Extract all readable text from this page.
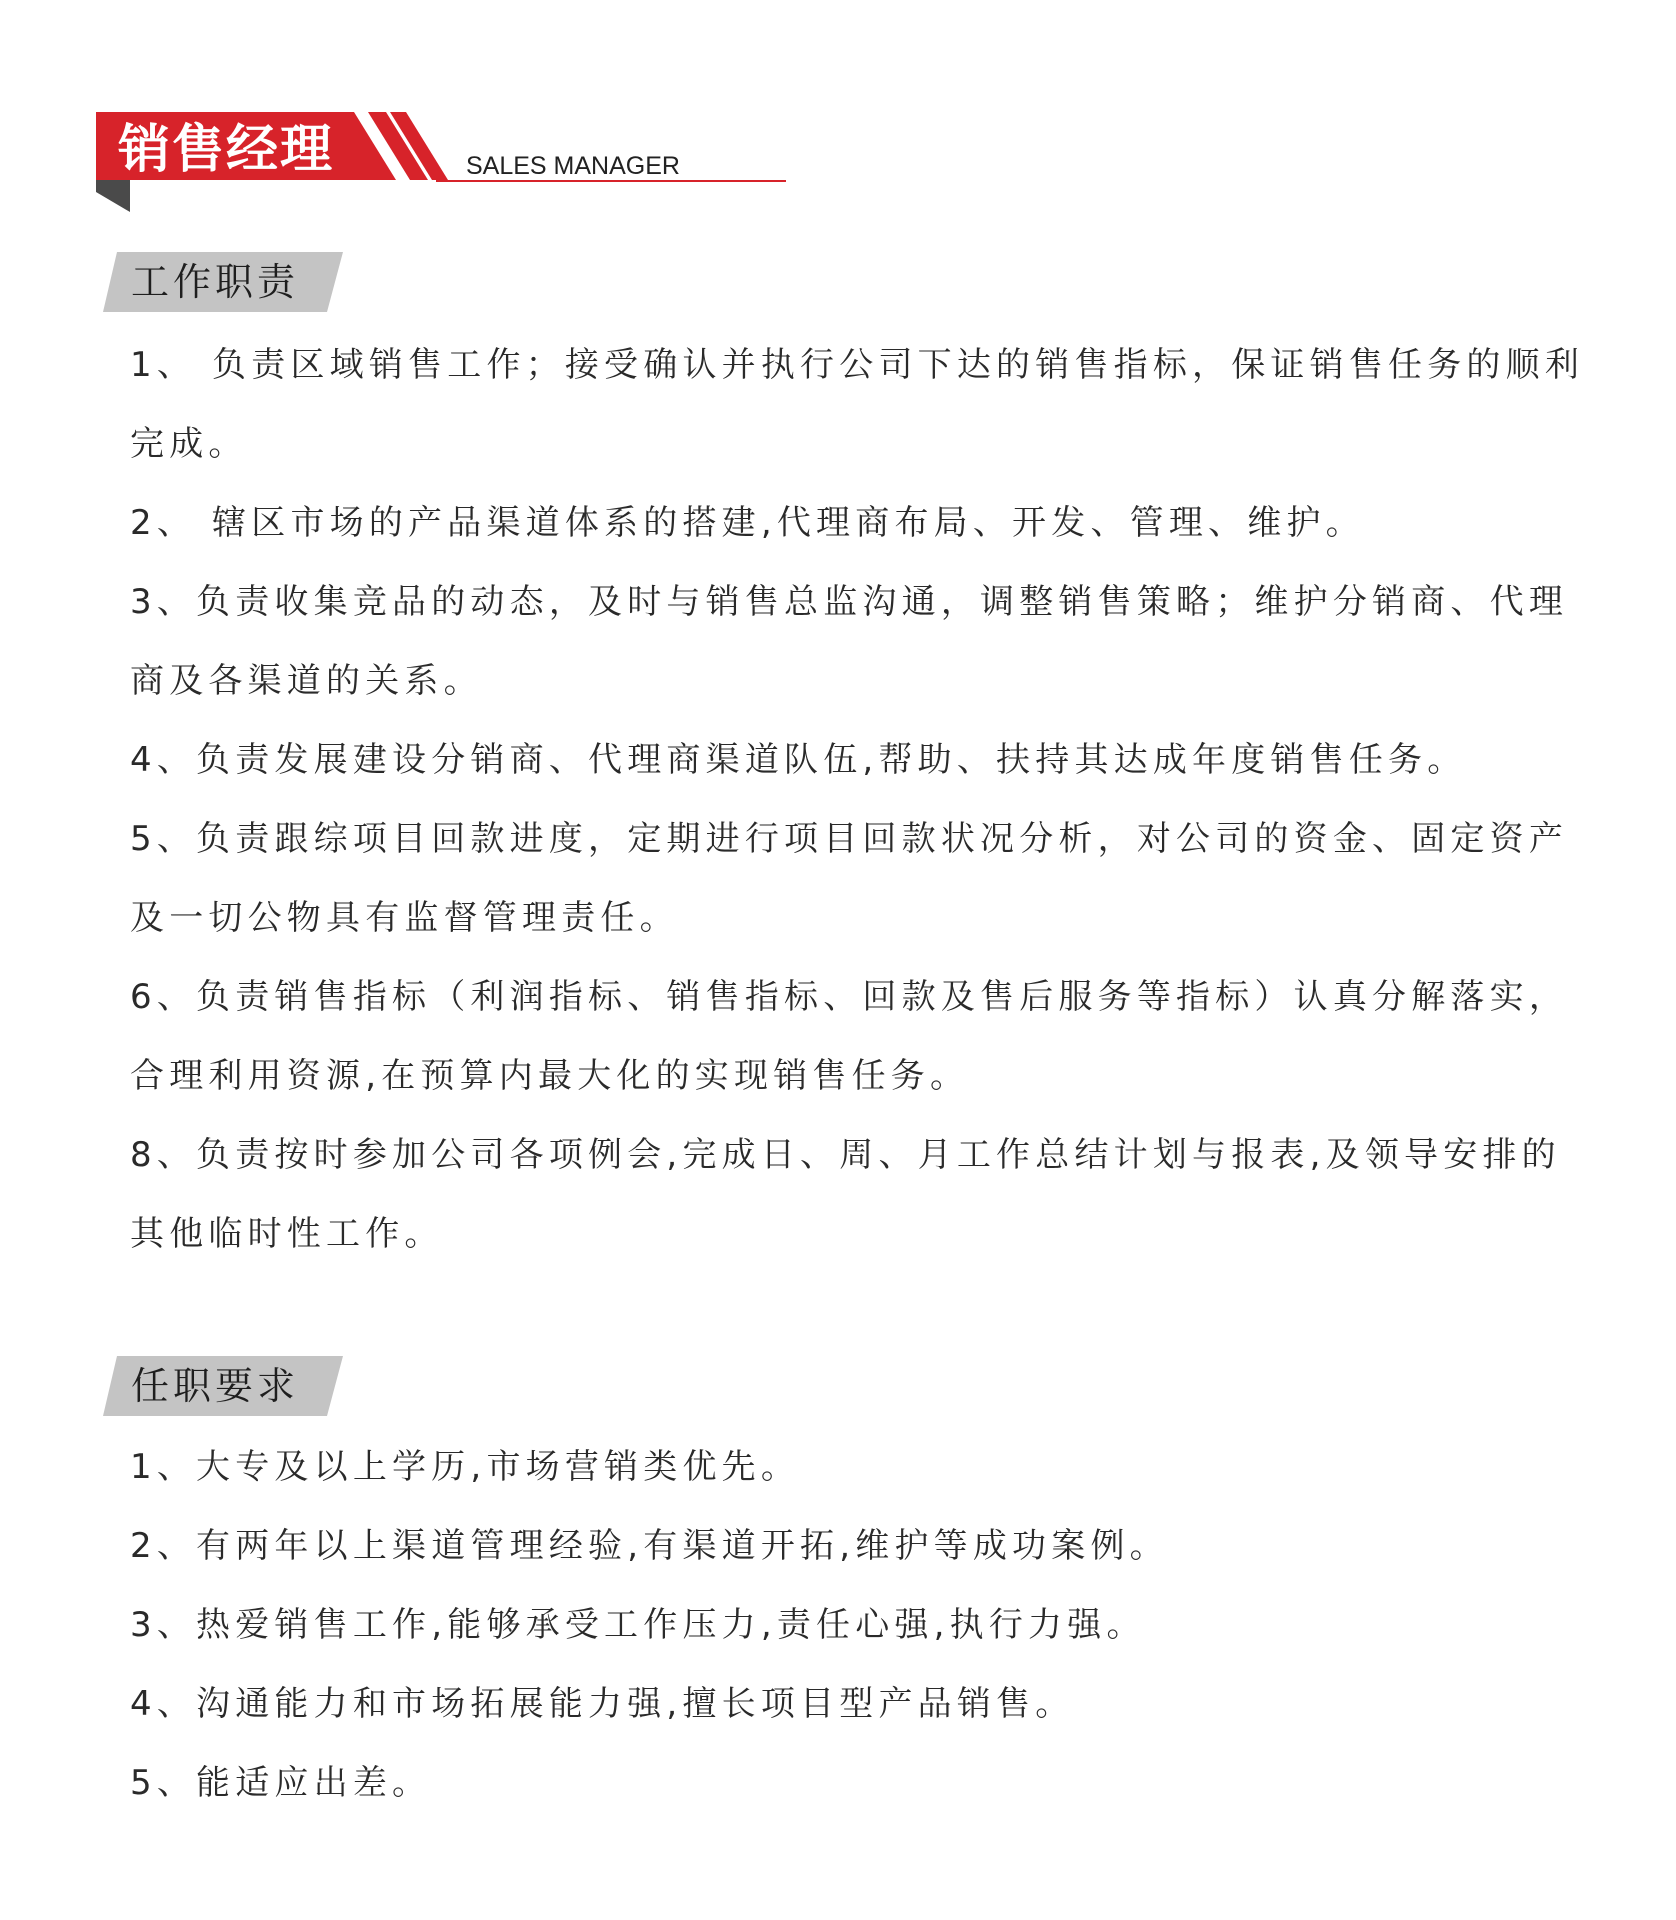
销售经理	SALES MANAGER
工作职责

1、 负责区域销售工作；接受确认并执行公司下达的销售指标，保证销售任务的顺利完成。

2、 辖区市场的产品渠道体系的搭建,代理商布局、开发、管理、维护。

3、负责收集竞品的动态，及时与销售总监沟通，调整销售策略；维护分销商、代理商及各渠道的关系。

4、负责发展建设分销商、代理商渠道队伍,帮助、扶持其达成年度销售任务。

5、负责跟综项目回款进度，定期进行项目回款状况分析，对公司的资金、固定资产及一切公物具有监督管理责任。

6、负责销售指标（利润指标、销售指标、回款及售后服务等指标）认真分解落实，合理利用资源,在预算内最大化的实现销售任务。

8、负责按时参加公司各项例会,完成日、周、月工作总结计划与报表,及领导安排的其他临时性工作。

任职要求

1、大专及以上学历,市场营销类优先。

2、有两年以上渠道管理经验,有渠道开拓,维护等成功案例。

3、热爱销售工作,能够承受工作压力,责任心强,执行力强。

4、沟通能力和市场拓展能力强,擅长项目型产品销售。

5、能适应出差。
